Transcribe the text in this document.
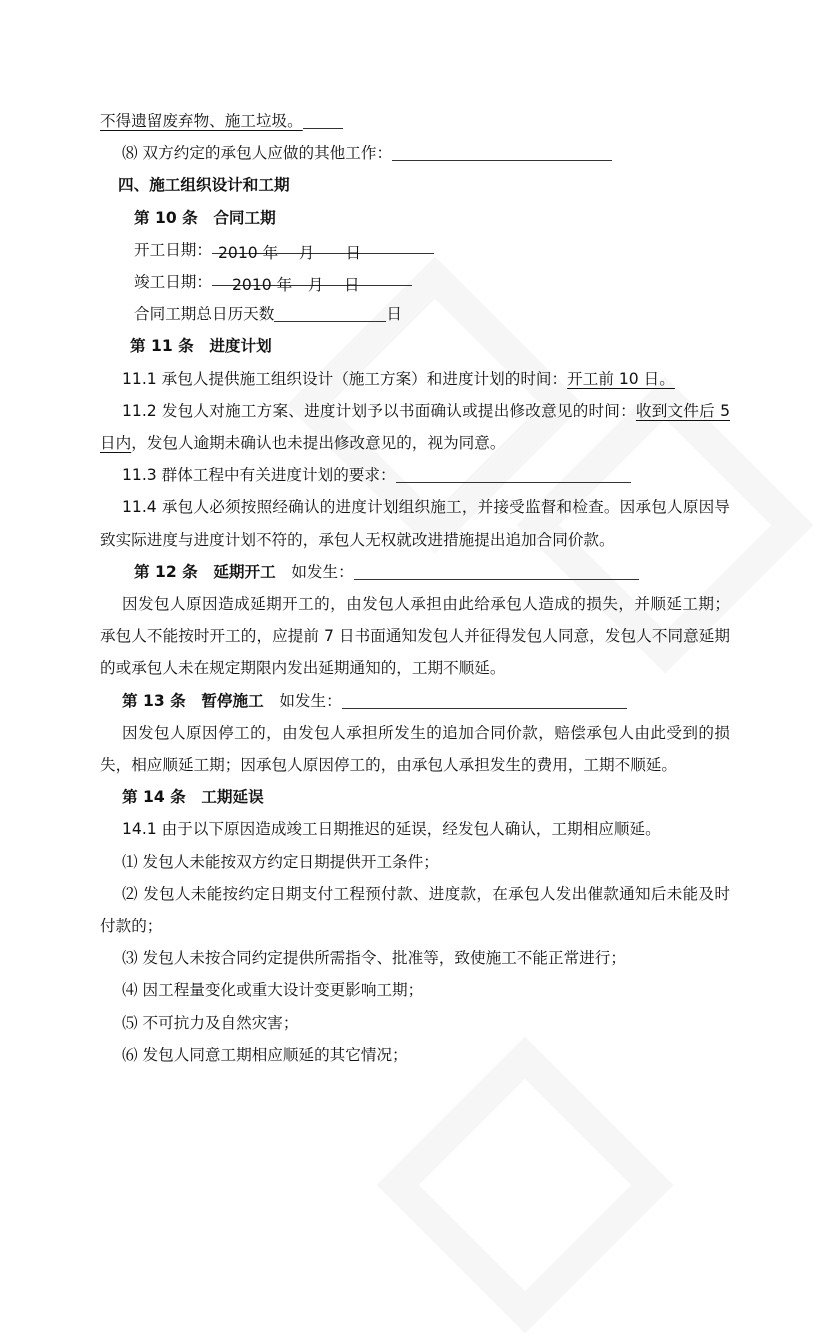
不得遗留废弃物、施工垃圾。

⑻ 双方约定的承包人应做的其他工作：

四、施工组织设计和工期

第 10 条　合同工期

开工日期： 2010 年　 月　　日

竣工日期： 2010 年　月　 日

合同工期总日历天数	日

第 11 条　进度计划

11.1 承包人提供施工组织设计（施工方案）和进度计划的时间：开工前 10 日。

11.2 发包人对施工方案、进度计划予以书面确认或提出修改意见的时间：收到文件后 5 日内，发包人逾期未确认也未提出修改意见的，视为同意。

11.3 群体工程中有关进度计划的要求：

11.4 承包人必须按照经确认的进度计划组织施工，并接受监督和检查。因承包人原因导致实际进度与进度计划不符的，承包人无权就改进措施提出追加合同价款。

第 12 条　延期开工　 如发生：

因发包人原因造成延期开工的，由发包人承担由此给承包人造成的损失，并顺延工期；承包人不能按时开工的，应提前 7 日书面通知发包人并征得发包人同意，发包人不同意延期的或承包人未在规定期限内发出延期通知的，工期不顺延。

第 13 条　暂停施工　 如发生：

因发包人原因停工的，由发包人承担所发生的追加合同价款，赔偿承包人由此受到的损失，相应顺延工期；因承包人原因停工的，由承包人承担发生的费用，工期不顺延。

第 14 条　工期延误

14.1 由于以下原因造成竣工日期推迟的延误，经发包人确认，工期相应顺延。

⑴ 发包人未能按双方约定日期提供开工条件；

⑵ 发包人未能按约定日期支付工程预付款、进度款，在承包人发出催款通知后未能及时付款的；

⑶ 发包人未按合同约定提供所需指令、批准等，致使施工不能正常进行；

⑷ 因工程量变化或重大设计变更影响工期；

⑸ 不可抗力及自然灾害；

⑹ 发包人同意工期相应顺延的其它情况；
